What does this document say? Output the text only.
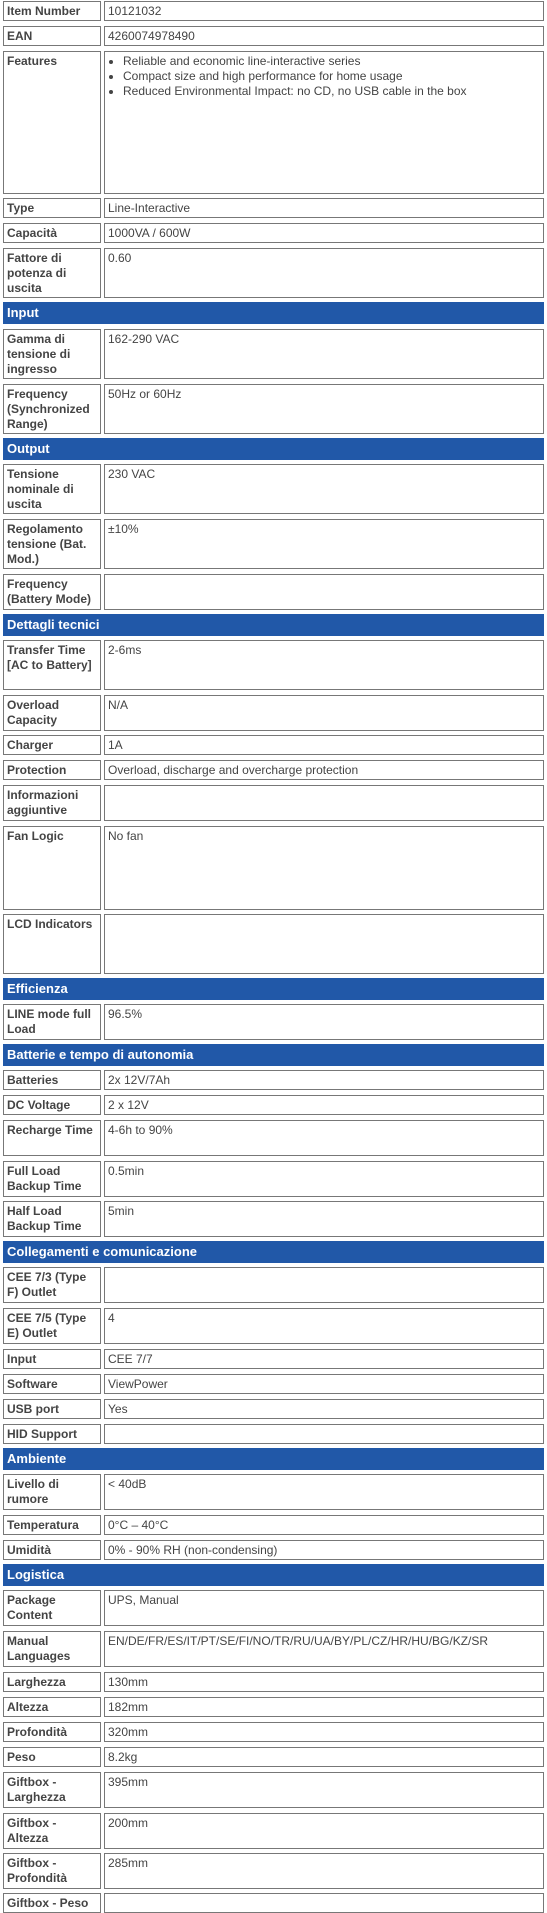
Item Number	10121032
EAN	4260074978490
Features
•	Reliable and economic line-interactive series
• Compact size and high performance for home usage
• Reduced Environmental Impact: no CD, no USB cable in the box
Type	Line-Interactive
Capacità	1000VA / 600W
Fattore di potenza di uscita
0.60
Input
Gamma di tensione di ingresso
162-290 VAC
Frequency (Synchronized Range)
50Hz or 60Hz
Output
Tensione nominale di uscita
230 VAC
Regolamento tensione (Bat. Mod.)
±10%
Frequency (Battery Mode)
Dettagli tecnici
Transfer Time [AC to Battery]
2-6ms
Overload Capacity
N/A
Charger	1A
Protection	Overload, discharge and overcharge protection
Informazioni aggiuntive
Fan Logic	No fan
LCD Indicators
Efficienza
LINE mode full Load
96.5%
Batterie e tempo di autonomia
Batteries	2x 12V/7Ah
DC Voltage	2 x 12V
Recharge Time	4-6h to 90%
Full Load Backup Time
0.5min
Half Load Backup Time
5min
Collegamenti e comunicazione
CEE 7/3 (Type F) Outlet
CEE 7/5 (Type E) Outlet
4
Input	CEE 7/7
Software	ViewPower
USB port	Yes
HID Support
Ambiente
Livello di rumore
< 40dB
Temperatura	0°C – 40°C
Umidità	0% - 90% RH (non-condensing)
Logistica
Package Content
UPS, Manual
Manual Languages
EN/DE/FR/ES/IT/PT/SE/FI/NO/TR/RU/UA/BY/PL/CZ/HR/HU/BG/KZ/SR
Larghezza	130mm
Altezza	182mm
Profondità	320mm
Peso	8.2kg
Giftbox - Larghezza
395mm
Giftbox - Altezza
200mm
Giftbox - Profondità
285mm
Giftbox - Peso
